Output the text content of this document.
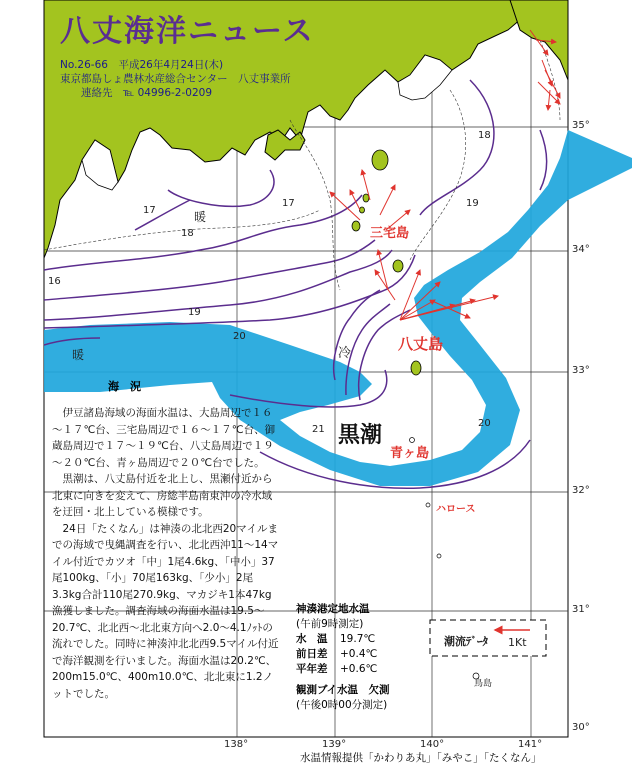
八丈海洋ニュース
No.26-66　 平成26年4月24日(木)
東京都島しょ農林水産総合センター　八丈事業所
　　連絡先　 ℡ 04996-2-0209
35°
34°
33°
32°
31°
30°
138°	139°	140°	141°
17
18
16
19
20
21
20
17
18
19
黒潮
冷
暖
暖
三宅島
八丈島
青ヶ島
ハロース
鳥島
海　況

伊豆諸島海域の海面水温は、大島周辺で１６～１７℃台、三宅島周辺で１６～１７℃台、御蔵島周辺で１７～１９℃台、八丈島周辺で１９～２０℃台、青ヶ島周辺で２０℃台でした。

黒潮は、八丈島付近を北上し、黒瀬付近から北東に向きを変えて、房総半島南東沖の冷水域を迂回・北上している模様です。

24日「たくなん」は神湊の北北西20マイルまでの海域で曳縄調査を行い、北北西沖11～14マイル付近でカツオ「中」1尾4.6kg、「中小」37尾100kg、「小」70尾163kg、「少小」2尾3.3kg合計110尾270.9kg、マカジキ1本47kg漁獲しました。調査海域の海面水温は19.5～20.7℃、北北西～北北東方向へ2.0～4.1ﾉｯﾄの流れでした。同時に神湊沖北北西9.5マイル付近で海洋観測を行いました。海面水温は20.2℃、200m15.0℃、400m10.0℃、北北東に1.2ノットでした。

神湊港定地水温
(午前9時測定)
水　温	19.7℃
前日差	+0.4℃
平年差	+0.6℃
観測ブイ水温　欠測
(午後0時00分測定)
潮流ﾃﾞｰﾀ 1Kt
水温情報提供「かわりあ丸」「みやこ」「たくなん」
